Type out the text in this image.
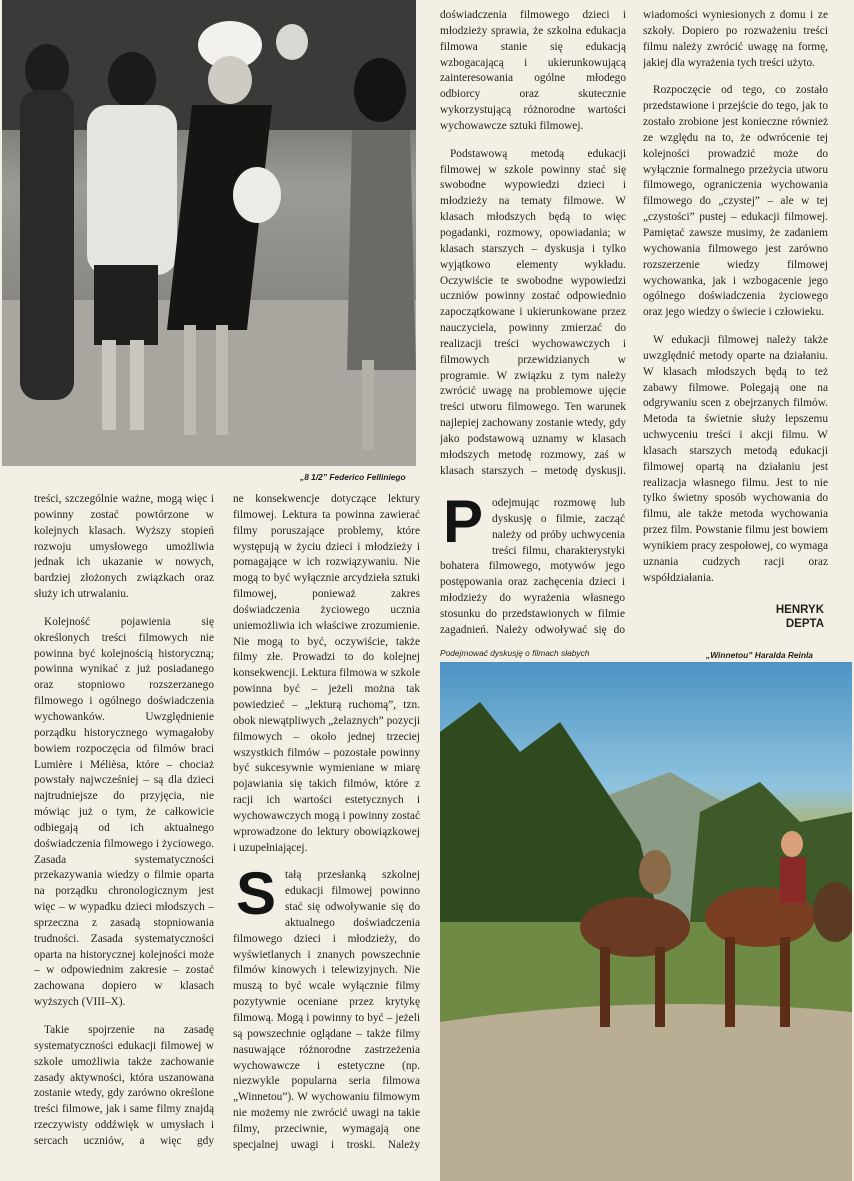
„8 1/2” Federico Felliniego

doświadczenia filmowego dzieci i młodzieży sprawia, że szkolna edukacja filmowa stanie się edukacją wzbogacającą i ukierunkowującą zainteresowania ogólne młodego odbiorcy oraz skutecznie wykorzystującą różnorodne wartości wychowawcze sztuki filmowej.

Podstawową metodą edukacji filmowej w szkole powinny stać się swobodne wypowiedzi dzieci i młodzieży na tematy filmowe. W klasach młodszych będą to więc pogadanki, rozmowy, opowiadania; w klasach starszych – dyskusja i tylko wyjątkowo elementy wykładu. Oczywiście te swobodne wypowiedzi uczniów powinny zostać odpowiednio zapoczątkowane i ukierunkowane przez nauczyciela, powinny zmierzać do realizacji treści wychowawczych i filmowych przewidzianych w programie. W związku z tym należy zwrócić uwagę na problemowe ujęcie treści utworu filmowego. Ten warunek najlepiej zachowany zostanie wtedy, gdy jako podstawową uznamy w klasach młodszych metodę rozmowy, zaś w klasach starszych – metodę dyskusji.

wiadomości wyniesionych z domu i ze szkoły. Dopiero po rozważeniu treści filmu należy zwrócić uwagę na formę, jakiej dla wyrażenia tych treści użyto.

Rozpoczęcie od tego, co zostało przedstawione i przejście do tego, jak to zostało zrobione jest konieczne również ze względu na to, że odwrócenie tej kolejności prowadzić może do wyłącznie formalnego przeżycia utworu filmowego, ograniczenia wychowania filmowego do „czystej” – ale w tej „czystości” pustej – edukacji filmowej. Pamiętać zawsze musimy, że zadaniem wychowania filmowego jest zarówno rozszerzenie wiedzy filmowej wychowanka, jak i wzbogacenie jego ogólnego doświadczenia życiowego oraz jego wiedzy o świecie i człowieku.

W edukacji filmowej należy także uwzględnić metody oparte na działaniu. W klasach młodszych będą to też zabawy filmowe. Polegają one na odgrywaniu scen z obejrzanych filmów. Metoda ta świetnie służy lepszemu uchwyceniu treści i akcji filmu. W klasach starszych metodą edukacji filmowej opartą na działaniu jest realizacja własnego filmu. Jest to nie tylko świetny sposób wychowania do filmu, ale także metoda wychowania przez film. Powstanie filmu jest bowiem wynikiem pracy zespołowej, co wymaga uznania cudzych racji oraz współdziałania.

HENRYK
DEPTA

treści, szczególnie ważne, mogą więc i powinny zostać powtórzone w kolejnych klasach. Wyższy stopień rozwoju umysłowego umożliwia jednak ich ukazanie w nowych, bardziej złożonych związkach oraz służy ich utrwalaniu.

Kolejność pojawienia się określonych treści filmowych nie powinna być kolejnością historyczną; powinna wynikać z już posiadanego oraz stopniowo rozszerzanego filmowego i ogólnego doświadczenia wychowanków. Uwzględnienie porządku historycznego wymagałoby bowiem rozpoczęcia od filmów braci Lumière i Mélièsa, które – chociaż powstały najwcześniej – są dla dzieci najtrudniejsze do przyjęcia, nie mówiąc już o tym, że całkowicie odbiegają od ich aktualnego doświadczenia filmowego i życiowego. Zasada systematyczności przekazywania wiedzy o filmie oparta na porządku chronologicznym jest więc – w wypadku dzieci młodszych – sprzeczna z zasadą stopniowania trudności. Zasada systematyczności oparta na historycznej kolejności może – w odpowiednim zakresie – zostać zachowana dopiero w klasach wyższych (VIII–X).

Takie spojrzenie na zasadę systematyczności edukacji filmowej w szkole umożliwia także zachowanie zasady aktywności, która uszanowana zostanie wtedy, gdy zarówno określone treści filmowe, jak i same filmy znajdą rzeczywisty oddźwięk w umysłach i sercach uczniów, a więc gdy

ne konsekwencje dotyczące lektury filmowej. Lektura ta powinna zawierać filmy poruszające problemy, które występują w życiu dzieci i młodzieży i pomagające w ich rozwiązywaniu. Nie mogą to być wyłącznie arcydzieła sztuki filmowej, ponieważ zakres doświadczenia życiowego ucznia uniemożliwia ich właściwe zrozumienie. Nie mogą to być, oczywiście, także filmy złe. Prowadzi to do kolejnej konsekwencji. Lektura filmowa w szkole powinna być – jeżeli można tak powiedzieć – „lekturą ruchomą”, tzn. obok niewątpliwych „żelaznych” pozycji filmowych – około jednej trzeciej wszystkich filmów – pozostałe powinny być sukcesywnie wymieniane w miarę pojawiania się takich filmów, które z racji ich wartości estetycznych i wychowawczych mogą i powinny zostać wprowadzone do lektury obowiązkowej i uzupełniającej.

Stałą przesłanką szkolnej edukacji filmowej powinno stać się odwoływanie się do aktualnego doświadczenia filmowego dzieci i młodzieży, do wyświetlanych i znanych powszechnie filmów kinowych i telewizyjnych. Nie muszą to być wcale wyłącznie filmy pozytywnie oceniane przez krytykę filmową. Mogą i powinny to być – jeżeli są powszechnie oglądane – także filmy nasuwające różnorodne zastrzeżenia wychowawcze i estetyczne (np. niezwykle popularna seria filmowa „Winnetou”). W wychowaniu filmowym nie możemy nie zwrócić uwagi na takie filmy, przeciwnie, wymagają one specjalnej uwagi i troski. Należy

Podejmując rozmowę lub dyskusję o filmie, zacząć należy od próby uchwycenia treści filmu, charakterystyki bohatera filmowego, motywów jego postępowania oraz zachęcenia dzieci i młodzieży do wyrażenia własnego stosunku do przedstawionych w filmie zagadnień. Należy odwoływać się do

Podejmować dyskusję o filmach słabych	„Winnetou” Haralda Reinla
